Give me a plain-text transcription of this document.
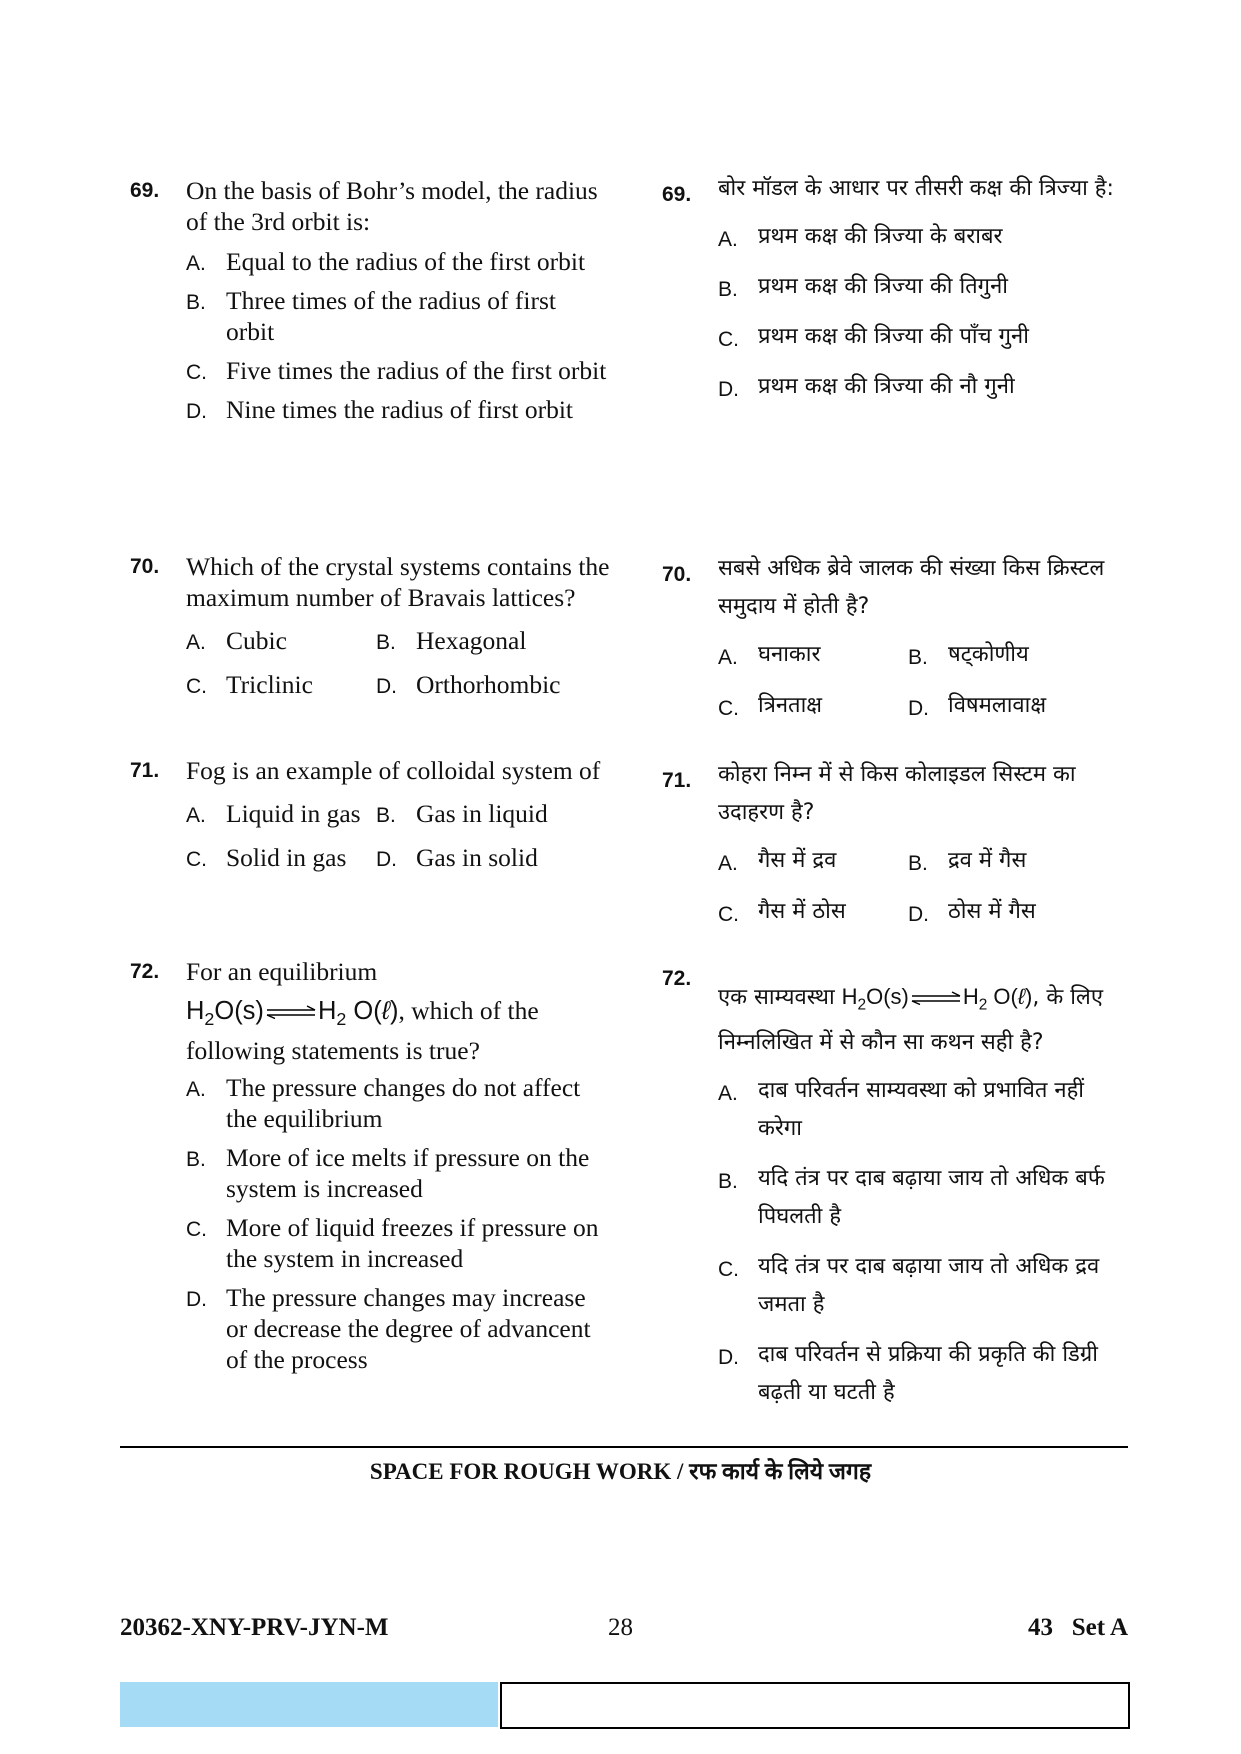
69. On the basis of Bohr’s model, the radius of the 3rd orbit is:
A. Equal to the radius of the first orbit
B. Three times of the radius of first orbit
C. Five times the radius of the first orbit
D. Nine times the radius of first orbit
70. Which of the crystal systems contains the maximum number of Bravais lattices?
A. Cubic	B. Hexagonal
C. Triclinic	D. Orthorhombic
71. Fog is an example of colloidal system of
A. Liquid in gas B. Gas in liquid
C. Solid in gas	D. Gas in solid
72. For an equilibrium
$H_2O(s)\rightleftharpoons H_2$ O(ℓ), which of the following statements is true?
A. The pressure changes do not affect the equilibrium
B. More of ice melts if pressure on the system is increased
C. More of liquid freezes if pressure on the system in increased
D. The pressure changes may increase or decrease the degree of advancent of the process
69. बोर मॉडल के आधार पर तीसरी कक्ष की त्रिज्या है:
A. प्रथम कक्ष की त्रिज्या के बराबर
B. प्रथम कक्ष की त्रिज्या की तिगुनी
C. प्रथम कक्ष की त्रिज्या की पाँच गुनी
D. प्रथम कक्ष की त्रिज्या की नौ गुनी
70. सबसे अधिक ब्रेवे जालक की संख्या किस क्रिस्टल समुदाय में होती है?
A. घनाकार	B. षट्कोणीय
C. त्रिनताक्ष	D. विषमलावाक्ष
71. कोहरा निम्न में से किस कोलाइडल सिस्टम का उदाहरण है?
A. गैस में द्रव	B. द्रव में गैस
C. गैस में ठोस	D. ठोस में गैस
72.
एक साम्यवस्था $H_2O(s)\rightleftharpoons H_2$ O(ℓ), के लिए निम्नलिखित में से कौन सा कथन सही है?
A. दाब परिवर्तन साम्यवस्था को प्रभावित नहीं करेगा
B. यदि तंत्र पर दाब बढ़ाया जाय तो अधिक बर्फ पिघलती है
C. यदि तंत्र पर दाब बढ़ाया जाय तो अधिक द्रव जमता है
D. दाब परिवर्तन से प्रक्रिया की प्रकृति की डिग्री बढ़ती या घटती है
SPACE FOR ROUGH WORK / रफ कार्य के लिये जगह
20362-XNY-PRV-JYN-M	28	43   Set A
